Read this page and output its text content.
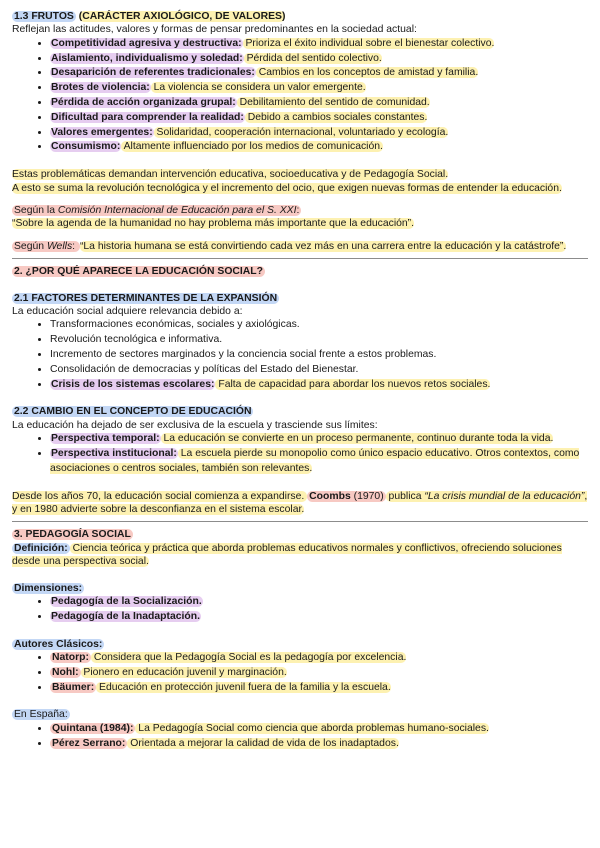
1.3 FRUTOS (CARÁCTER AXIOLÓGICO, DE VALORES)

Reflejan las actitudes, valores y formas de pensar predominantes en la sociedad actual:

• Competitividad agresiva y destructiva: Prioriza el éxito individual sobre el bienestar colectivo.
• Aislamiento, individualismo y soledad: Pérdida del sentido colectivo.
• Desaparición de referentes tradicionales: Cambios en los conceptos de amistad y familia.
• Brotes de violencia: La violencia se considera un valor emergente.
• Pérdida de acción organizada grupal: Debilitamiento del sentido de comunidad.
• Dificultad para comprender la realidad: Debido a cambios sociales constantes.
• Valores emergentes: Solidaridad, cooperación internacional, voluntariado y ecología.
• Consumismo: Altamente influenciado por los medios de comunicación.

Estas problemáticas demandan intervención educativa, socioeducativa y de Pedagogía Social.

A esto se suma la revolución tecnológica y el incremento del ocio, que exigen nuevas formas de entender la educación.

Según la Comisión Internacional de Educación para el S. XXI:

“Sobre la agenda de la humanidad no hay problema más importante que la educación”.

Según Wells: “La historia humana se está convirtiendo cada vez más en una carrera entre la educación y la catástrofe”.

2. ¿POR QUÉ APARECE LA EDUCACIÓN SOCIAL?

2.1 FACTORES DETERMINANTES DE LA EXPANSIÓN

La educación social adquiere relevancia debido a:

• Transformaciones económicas, sociales y axiológicas.
• Revolución tecnológica e informativa.
• Incremento de sectores marginados y la conciencia social frente a estos problemas.
• Consolidación de democracias y políticas del Estado del Bienestar.
• Crisis de los sistemas escolares: Falta de capacidad para abordar los nuevos retos sociales.

2.2 CAMBIO EN EL CONCEPTO DE EDUCACIÓN

La educación ha dejado de ser exclusiva de la escuela y trasciende sus límites:

• Perspectiva temporal: La educación se convierte en un proceso permanente, continuo durante toda la vida.
• Perspectiva institucional: La escuela pierde su monopolio como único espacio educativo. Otros contextos, como asociaciones o centros sociales, también son relevantes.

Desde los años 70, la educación social comienza a expandirse. Coombs (1970) publica “La crisis mundial de la educación”, y en 1980 advierte sobre la desconfianza en el sistema escolar.

3. PEDAGOGÍA SOCIAL

Definición: Ciencia teórica y práctica que aborda problemas educativos normales y conflictivos, ofreciendo soluciones desde una perspectiva social.

Dimensiones:

• Pedagogía de la Socialización.
• Pedagogía de la Inadaptación.

Autores Clásicos:

• Natorp: Considera que la Pedagogía Social es la pedagogía por excelencia.
• Nohl: Pionero en educación juvenil y marginación.
• Bäumer: Educación en protección juvenil fuera de la familia y la escuela.

En España:

• Quintana (1984): La Pedagogía Social como ciencia que aborda problemas humano-sociales.
• Pérez Serrano: Orientada a mejorar la calidad de vida de los inadaptados.
